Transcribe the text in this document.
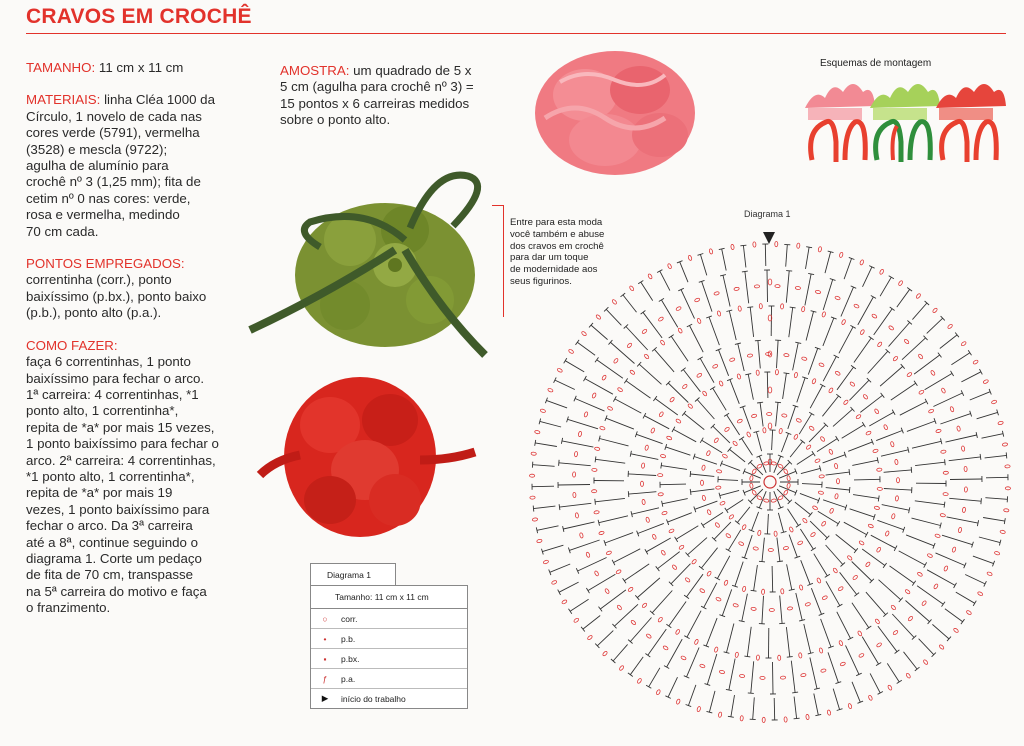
CRAVOS EM CROCHÊ

TAMANHO: 11 cm x 11 cm

MATERIAIS: linha Cléa 1000 da
Círculo, 1 novelo de cada nas
cores verde (5791), vermelha
(3528) e mescla (9722);
agulha de alumínio para
crochê nº 3 (1,25 mm); fita de
cetim nº 0 nas cores: verde,
rosa e vermelha, medindo
70 cm cada.

PONTOS EMPREGADOS:
correntinha (corr.), ponto
baixíssimo (p.bx.), ponto baixo
(p.b.), ponto alto (p.a.).

COMO FAZER:
faça 6 correntinhas, 1 ponto
baixíssimo para fechar o arco.
1ª carreira: 4 correntinhas, *1
ponto alto, 1 correntinha*,
repita de *a* por mais 15 vezes,
1 ponto baixíssimo para fechar o
arco. 2ª carreira: 4 correntinhas,
*1 ponto alto, 1 correntinha*,
repita de *a* por mais 19
vezes, 1 ponto baixíssimo para
fechar o arco. Da 3ª carreira
até a 8ª, continue seguindo o
diagrama 1. Corte um pedaço
de fita de 70 cm, transpasse
na 5ª carreira do motivo e faça
o franzimento.

AMOSTRA: um quadrado de 5 x
5 cm (agulha para crochê nº 3) =
15 pontos x 6 carreiras medidos
sobre o ponto alto.
Entre para esta moda
você também e abuse
dos cravos em crochê
para dar um toque
de modernidade aos
seus figurinos.
Esquemas de montagem
Diagrama 1
Diagrama 1
Tamanho: 11 cm x 11 cm
○	corr.
•	p.b.
▪	p.bx.
ƒ	p.a.
▶	início do trabalho
